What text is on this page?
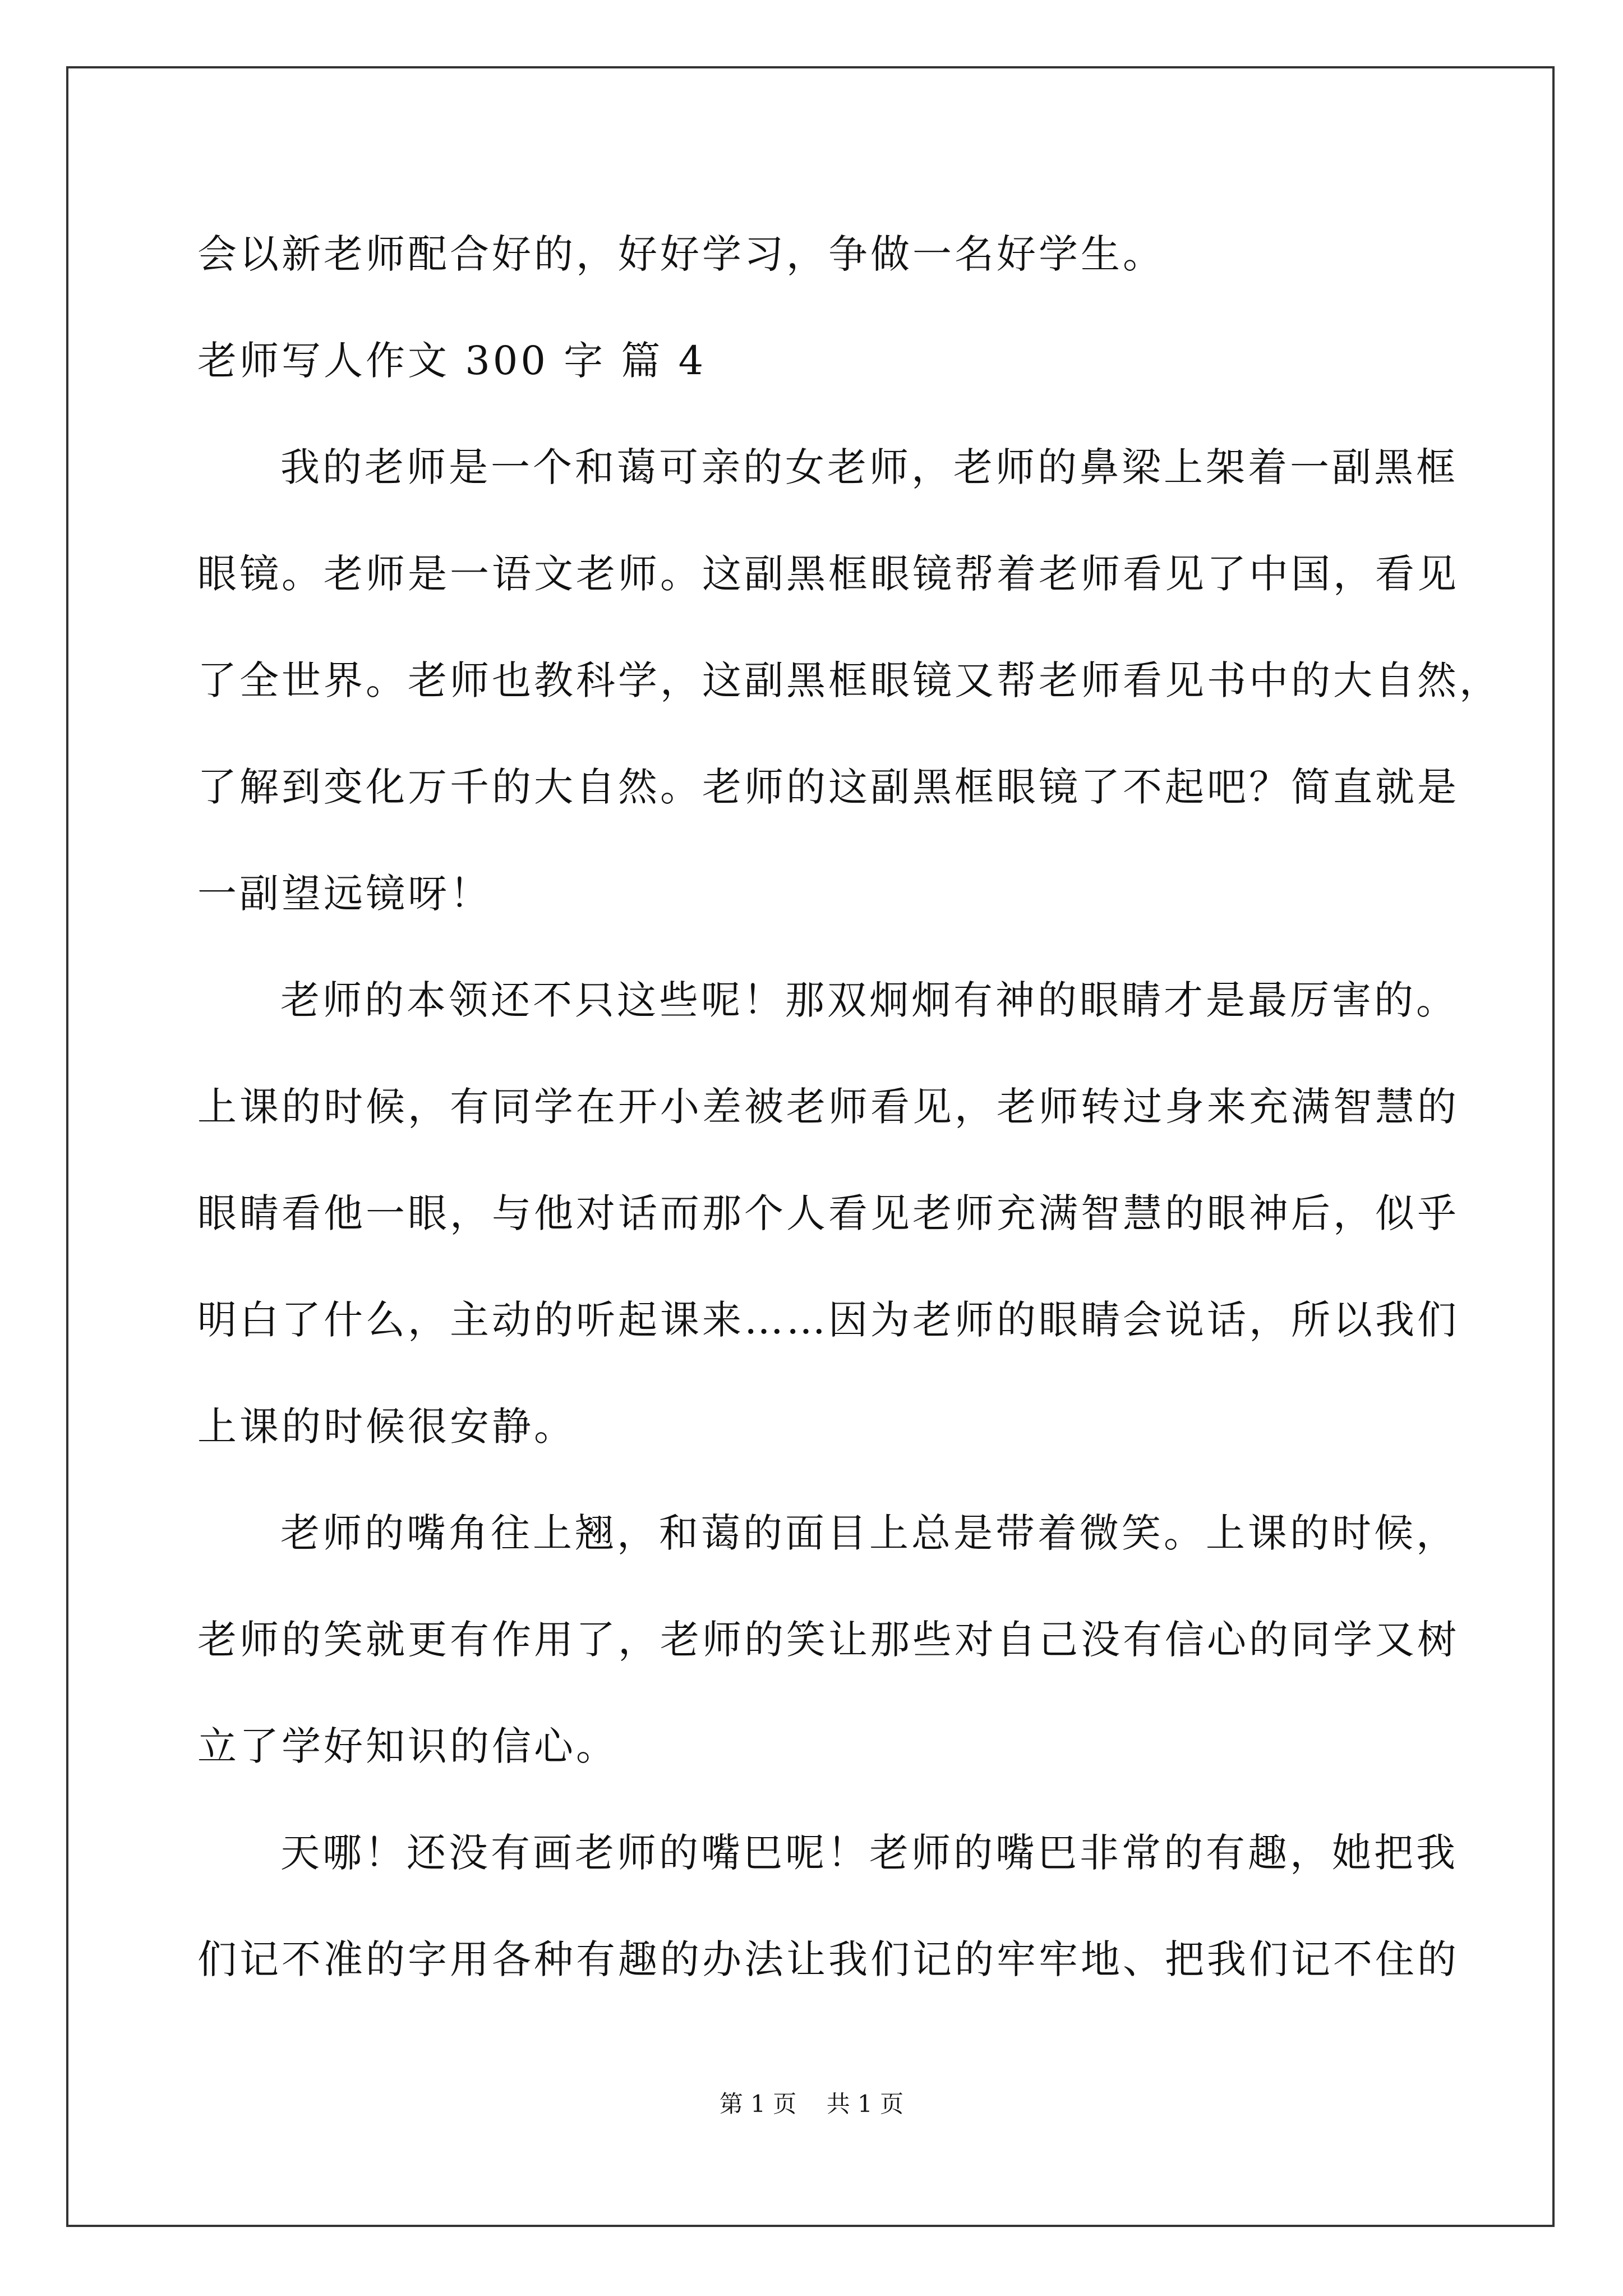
会以新老师配合好的，好好学习，争做一名好学生。
老师写人作文 300 字 篇 4
我的老师是一个和蔼可亲的女老师，老师的鼻梁上架着一副黑框
眼镜。老师是一语文老师。这副黑框眼镜帮着老师看见了中国，看见
了全世界。老师也教科学，这副黑框眼镜又帮老师看见书中的大自然，
了解到变化万千的大自然。老师的这副黑框眼镜了不起吧？简直就是
一副望远镜呀！
老师的本领还不只这些呢！那双炯炯有神的眼睛才是最厉害的。
上课的时候，有同学在开小差被老师看见，老师转过身来充满智慧的
眼睛看他一眼，与他对话而那个人看见老师充满智慧的眼神后，似乎
明白了什么，主动的听起课来……因为老师的眼睛会说话，所以我们
上课的时候很安静。
老师的嘴角往上翘，和蔼的面目上总是带着微笑。上课的时候，
老师的笑就更有作用了，老师的笑让那些对自己没有信心的同学又树
立了学好知识的信心。
天哪！还没有画老师的嘴巴呢！老师的嘴巴非常的有趣，她把我
们记不准的字用各种有趣的办法让我们记的牢牢地、把我们记不住的
第 1 页    共 1 页
